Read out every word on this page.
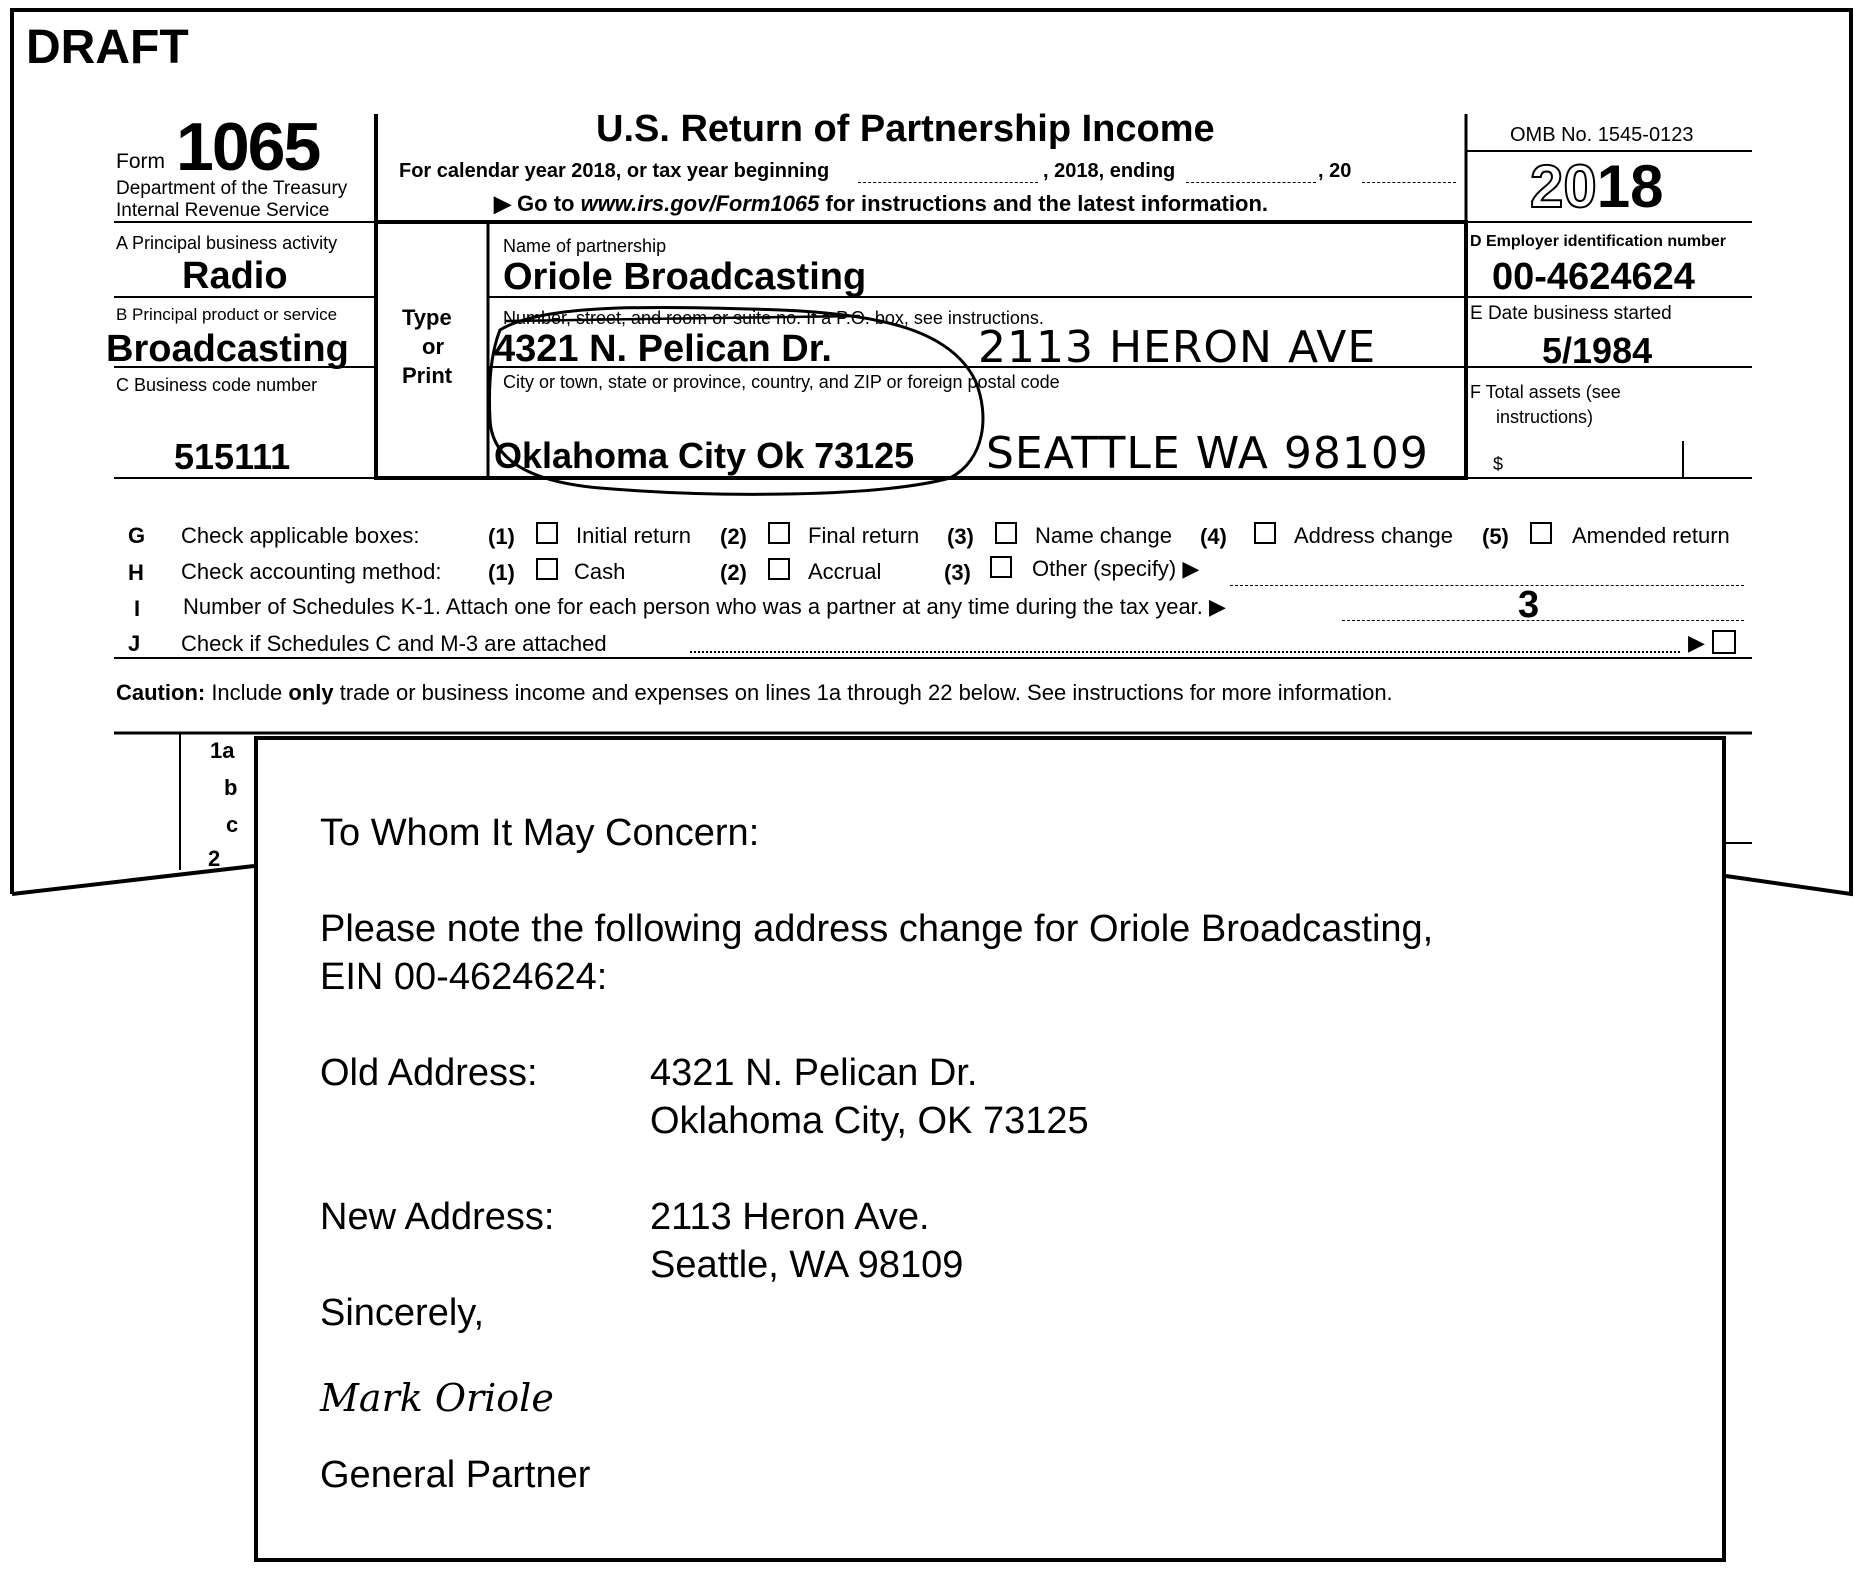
DRAFT
Form 1065
Department of the Treasury
Internal Revenue Service
U.S. Return of Partnership Income
For calendar year 2018, or tax year beginning	, 2018, ending	, 20
▶ Go to www.irs.gov/Form1065 for instructions and the latest information.
OMB No. 1545-0123
2018
A Principal business activity
Radio
B Principal product or service
Broadcasting
C Business code number
515111
Type
or
Print
Name of partnership
Oriole Broadcasting
Number, street, and room or suite no. If a P.O. box, see instructions.
4321 N. Pelican Dr.	2113 HERON AVE
City or town, state or province, country, and ZIP or foreign postal code
Oklahoma City Ok 73125 SEATTLE WA 98109
D Employer identification number
00-4624624
E Date business started
5/1984
F Total assets (see
instructions)
$
G Check applicable boxes:	(1)	Initial return (2)	Final return (3)	Name change (4)	Address change (5)	Amended return
H Check accounting method: (1)	Cash	(2)	Accrual	(3)	Other (specify) ▶
I Number of Schedules K-1. Attach one for each person who was a partner at any time during the tax year. ▶	3
J Check if Schedules C and M-3 are attached	▶
Caution: Include only trade or business income and expenses on lines 1a through 22 below. See instructions for more information.
1a
b
c
2
To Whom It May Concern:
Please note the following address change for Oriole Broadcasting,
EIN 00-4624624:
Old Address:	4321 N. Pelican Dr.
Oklahoma City, OK 73125
New Address:	2113 Heron Ave.
Seattle, WA 98109
Sincerely,
Mark Oriole
General Partner
